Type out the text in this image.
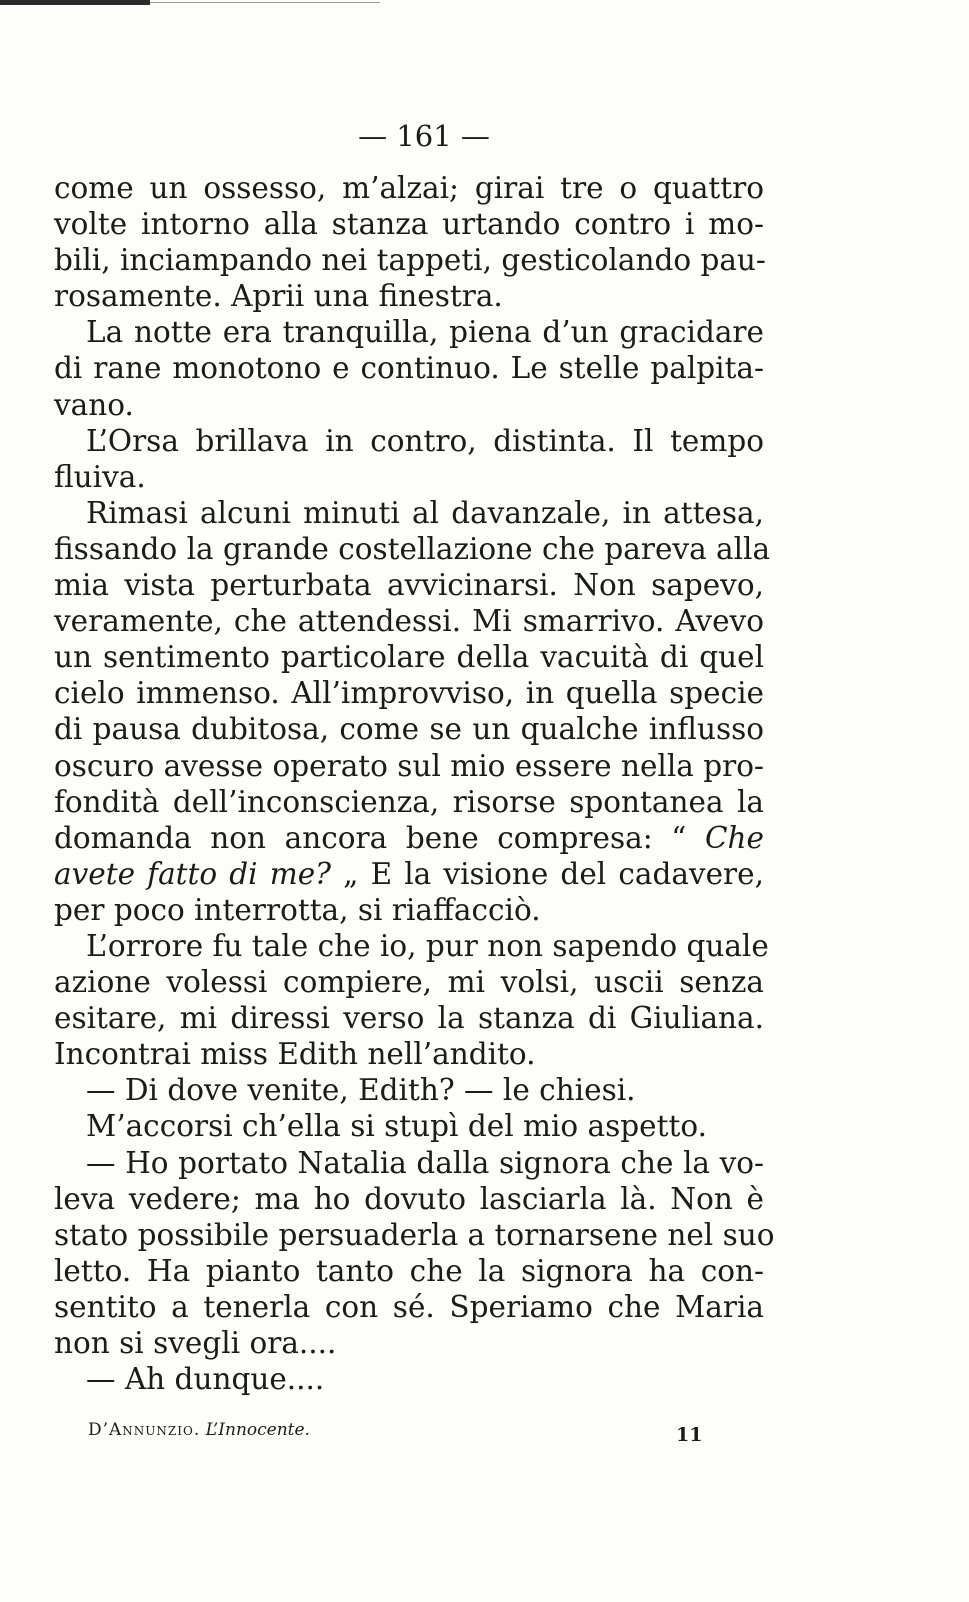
— 161 —
come un ossesso, m’alzai; girai tre o quattro
volte intorno alla stanza urtando contro i mo-
bili, inciampando nei tappeti, gesticolando pau-
rosamente. Aprii una finestra.
La notte era tranquilla, piena d’un gracidare
di rane monotono e continuo. Le stelle palpita-
vano.
L’Orsa brillava in contro, distinta. Il tempo
fluiva.
Rimasi alcuni minuti al davanzale, in attesa,
fissando la grande costellazione che pareva alla
mia vista perturbata avvicinarsi. Non sapevo,
veramente, che attendessi. Mi smarrivo. Avevo
un sentimento particolare della vacuità di quel
cielo immenso. All’improvviso, in quella specie
di pausa dubitosa, come se un qualche influsso
oscuro avesse operato sul mio essere nella pro-
fondità dell’inconscienza, risorse spontanea la
domanda non ancora bene compresa: “ Che
avete fatto di me? „ E la visione del cadavere,
per poco interrotta, si riaffacciò.
L’orrore fu tale che io, pur non sapendo quale
azione volessi compiere, mi volsi, uscii senza
esitare, mi diressi verso la stanza di Giuliana.
Incontrai miss Edith nell’andito.
— Di dove venite, Edith? — le chiesi.
M’accorsi ch’ella si stupì del mio aspetto.
— Ho portato Natalia dalla signora che la vo-
leva vedere; ma ho dovuto lasciarla là. Non è
stato possibile persuaderla a tornarsene nel suo
letto. Ha pianto tanto che la signora ha con-
sentito a tenerla con sé. Speriamo che Maria
non si svegli ora....
— Ah dunque....
D’Annunzio. L’Innocente.	11
